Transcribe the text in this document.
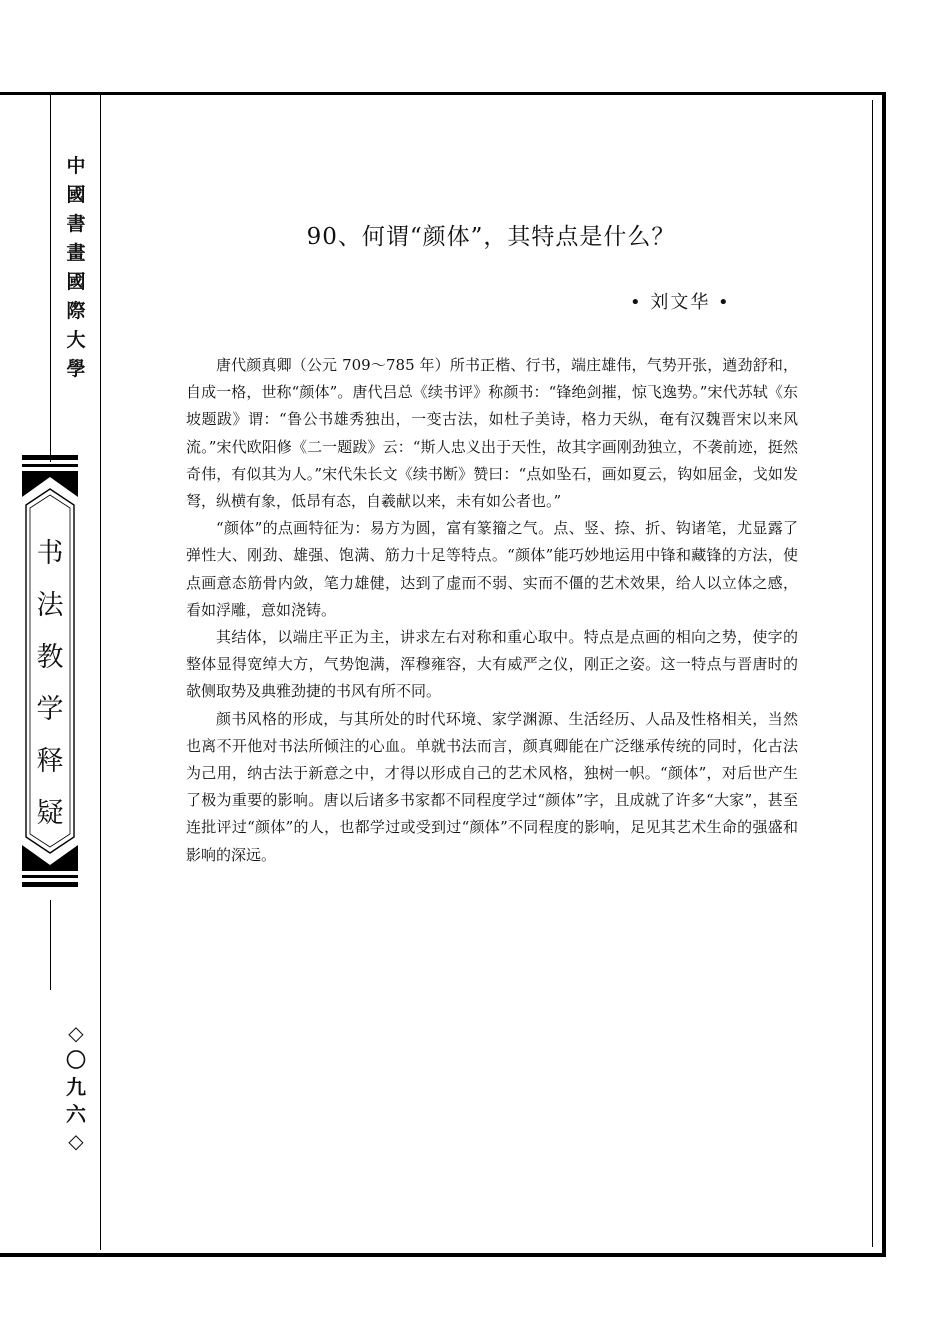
中
國
書
畫
國
際
大
學
书
法
教
学
释
疑
◇
〇
九
六
◇
90、何谓“颜体”，其特点是什么？
• 刘文华 •

唐代颜真卿（公元 709～785 年）所书正楷、行书，端庄雄伟，气势开张，遒劲舒和，自成一格，世称“颜体”。唐代吕总《续书评》称颜书：“锋绝剑摧，惊飞逸势。”宋代苏轼《东坡题跋》谓：“鲁公书雄秀独出，一变古法，如杜子美诗，格力天纵，奄有汉魏晋宋以来风流。”宋代欧阳修《二一题跋》云：“斯人忠义出于天性，故其字画刚劲独立，不袭前迹，挺然奇伟，有似其为人。”宋代朱长文《续书断》赞曰：“点如坠石，画如夏云，钩如屈金，戈如发弩，纵横有象，低昂有态，自羲献以来，未有如公者也。”

“颜体”的点画特征为：易方为圆，富有篆籀之气。点、竖、捺、折、钩诸笔，尤显露了弹性大、刚劲、雄强、饱满、筋力十足等特点。“颜体”能巧妙地运用中锋和藏锋的方法，使点画意态筋骨内敛，笔力雄健，达到了虚而不弱、实而不僵的艺术效果，给人以立体之感，看如浮雕，意如浇铸。

其结体，以端庄平正为主，讲求左右对称和重心取中。特点是点画的相向之势，使字的整体显得宽绰大方，气势饱满，浑穆雍容，大有威严之仪，刚正之姿。这一特点与晋唐时的欹侧取势及典雅劲捷的书风有所不同。

颜书风格的形成，与其所处的时代环境、家学渊源、生活经历、人品及性格相关，当然也离不开他对书法所倾注的心血。单就书法而言，颜真卿能在广泛继承传统的同时，化古法为己用，纳古法于新意之中，才得以形成自己的艺术风格，独树一帜。“颜体”，对后世产生了极为重要的影响。唐以后诸多书家都不同程度学过“颜体”字，且成就了许多“大家”，甚至连批评过“颜体”的人，也都学过或受到过“颜体”不同程度的影响，足见其艺术生命的强盛和影响的深远。
